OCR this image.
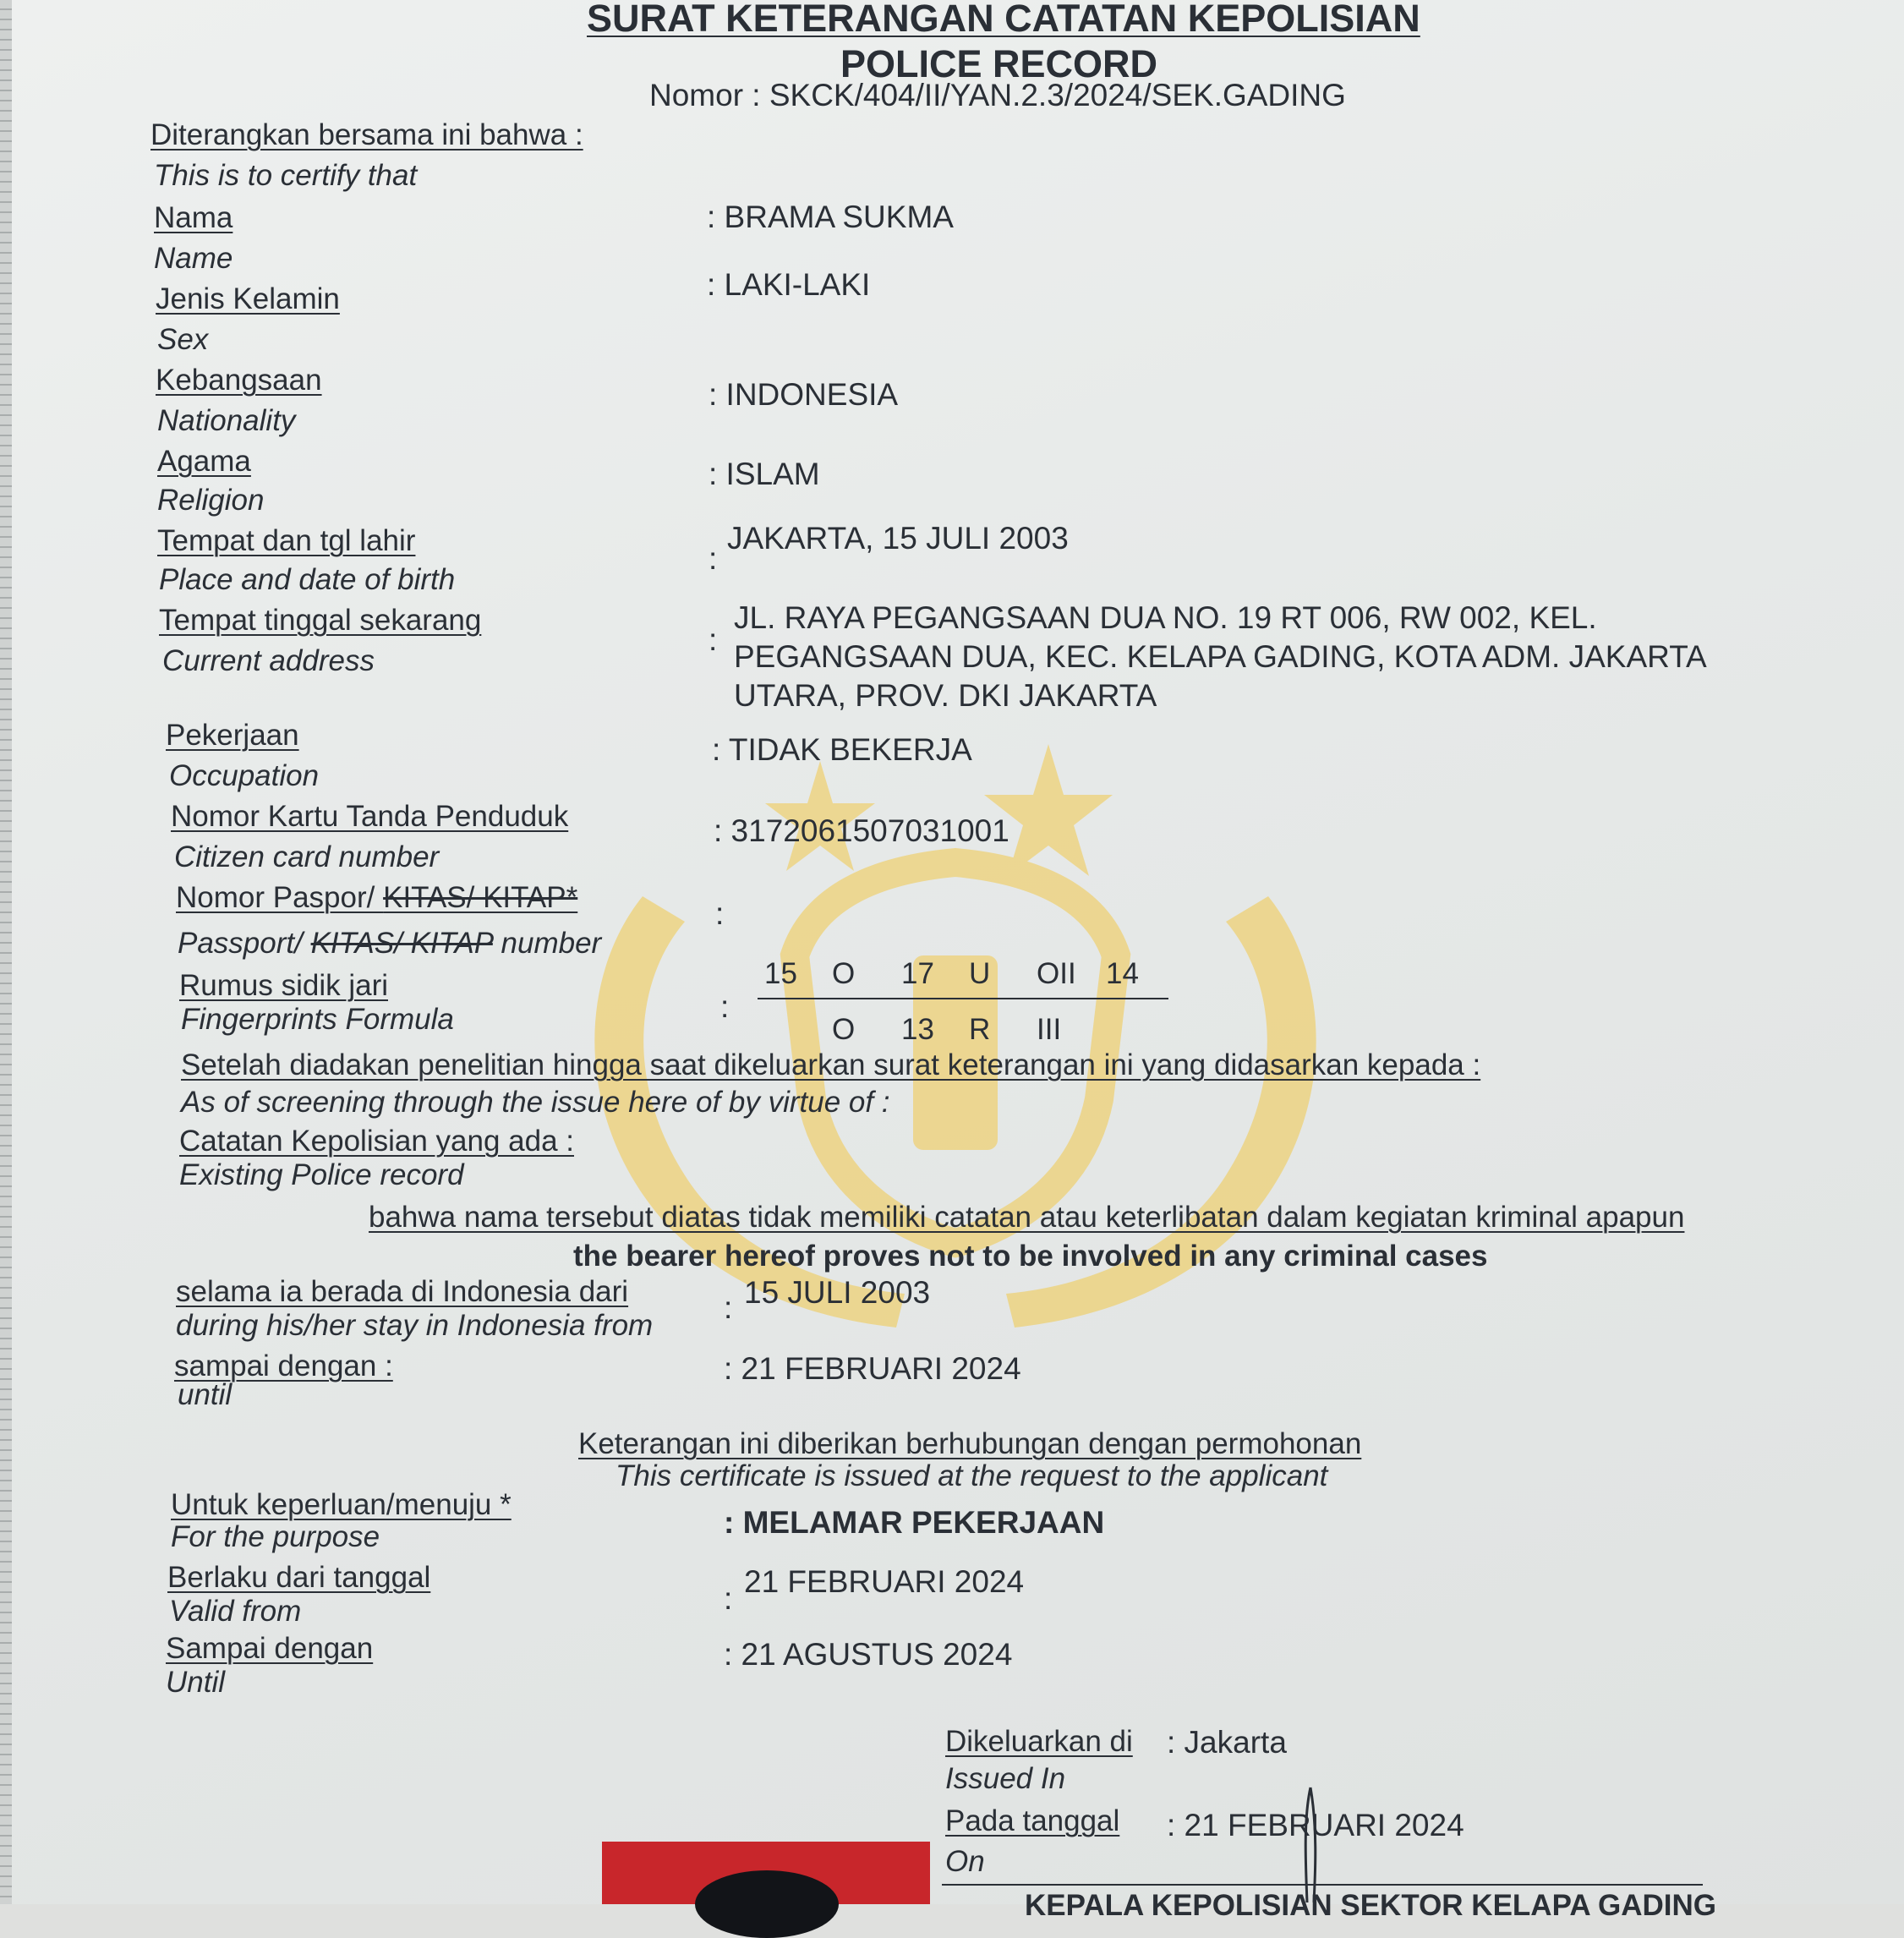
SURAT KETERANGAN CATATAN KEPOLISIAN
POLICE RECORD
Nomor : SKCK/404/II/YAN.2.3/2024/SEK.GADING
Diterangkan bersama ini bahwa :
This is to certify that
Nama
Name
: BRAMA SUKMA
Jenis Kelamin
Sex
: LAKI-LAKI
Kebangsaan
Nationality
: INDONESIA
Agama
Religion
: ISLAM
Tempat dan tgl lahir
Place and date of birth
:
JAKARTA, 15 JULI 2003
Tempat tinggal sekarang
Current address
:
JL. RAYA PEGANGSAAN DUA NO. 19 RT 006, RW 002, KEL.
PEGANGSAAN DUA, KEC. KELAPA GADING, KOTA ADM. JAKARTA
UTARA, PROV. DKI JAKARTA
Pekerjaan
Occupation
: TIDAK BEKERJA
Nomor Kartu Tanda Penduduk
Citizen card number
: 3172061507031001
Nomor Paspor/ KITAS/ KITAP*
Passport/ KITAS/ KITAP number
:
Rumus sidik jari
Fingerprints Formula	:
15 O 17 U OII 14
O 13 R III
Setelah diadakan penelitian hingga saat dikeluarkan surat keterangan ini yang didasarkan kepada :
As of screening through the issue here of by virtue of :
Catatan Kepolisian yang ada :
Existing Police record
bahwa nama tersebut diatas tidak memiliki catatan atau keterlibatan dalam kegiatan kriminal apapun
the bearer hereof proves not to be involved in any criminal cases
selama ia berada di Indonesia dari
during his/her stay in Indonesia from
: 15 JULI 2003
sampai dengan :
until
: 21 FEBRUARI 2024
Keterangan ini diberikan berhubungan dengan permohonan
This certificate is issued at the request to the applicant
Untuk keperluan/menuju *
For the purpose	: MELAMAR PEKERJAAN
Berlaku dari tanggal
Valid from	: 21 FEBRUARI 2024
Sampai dengan
Until
: 21 AGUSTUS 2024
Dikeluarkan di
Issued In
: Jakarta
Pada tanggal
On
: 21 FEBRUARI 2024
KEPALA KEPOLISIAN SEKTOR KELAPA GADING
